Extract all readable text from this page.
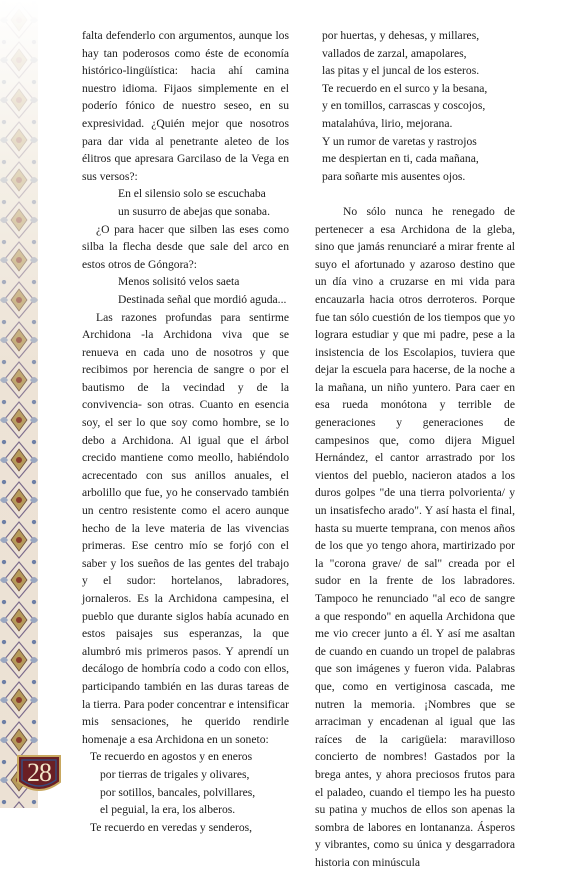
28

falta defenderlo con argumentos, aunque los hay tan poderosos como éste de economía histórico-lingüística: hacia ahí camina nuestro idioma. Fijaos simplemente en el poderío fónico de nuestro seseo, en su expresividad. ¿Quién mejor que nosotros para dar vida al penetrante aleteo de los élitros que apresara Garcilaso de la Vega en sus versos?:

En el silensio solo se escuchaba
un susurro de abejas que sonaba.

¿O para hacer que silben las eses como silba la flecha desde que sale del arco en estos otros de Góngora?:

Menos solisitó velos saeta

Destinada señal que mordió aguda...

Las razones profundas para sentirme Archidona -la Archidona viva que se renueva en cada uno de nosotros y que recibimos por herencia de sangre o por el bautismo de la vecindad y de la convivencia- son otras. Cuanto en esencia soy, el ser lo que soy como hombre, se lo debo a Archidona. Al igual que el árbol crecido mantiene como meollo, habiéndolo acrecentado con sus anillos anuales, el arbolillo que fue, yo he conservado también un centro resistente como el acero aunque hecho de la leve materia de las vivencias primeras. Ese centro mío se forjó con el saber y los sueños de las gentes del trabajo y el sudor: hortelanos, labradores, jornaleros. Es la Archidona campesina, el pueblo que durante siglos había acunado en estos paisajes sus esperanzas, la que alumbró mis primeros pasos. Y aprendí un decálogo de hombría codo a codo con ellos, participando también en las duras tareas de la tierra. Para poder concentrar e intensificar mis sensaciones, he querido rendirle homenaje a esa Archidona en un soneto:

Te recuerdo en agostos y en eneros
por tierras de trigales y olivares,
por sotillos, bancales, polvillares,
el peguial, la era, los alberos.
Te recuerdo en veredas y senderos,
por huertas, y dehesas, y millares,
vallados de zarzal, amapolares,
las pitas y el juncal de los esteros.
Te recuerdo en el surco y la besana,
y en tomillos, carrascas y coscojos,
matalahúva, lirio, mejorana.
Y un rumor de varetas y rastrojos
me despiertan en ti, cada mañana,
para soñarte mis ausentes ojos.

No sólo nunca he renegado de pertenecer a esa Archidona de la gleba, sino que jamás renunciaré a mirar frente al suyo el afortunado y azaroso destino que un día vino a cruzarse en mi vida para encauzarla hacia otros derroteros. Porque fue tan sólo cuestión de los tiempos que yo lograra estudiar y que mi padre, pese a la insistencia de los Escolapios, tuviera que dejar la escuela para hacerse, de la noche a la mañana, un niño yuntero. Para caer en esa rueda monótona y terrible de generaciones y generaciones de campesinos que, como dijera Miguel Hernández, el cantor arrastrado por los vientos del pueblo, nacieron atados a los duros golpes "de una tierra polvorienta/ y un insatisfecho arado". Y así hasta el final, hasta su muerte temprana, con menos años de los que yo tengo ahora, martirizado por la "corona grave/ de sal" creada por el sudor en la frente de los labradores. Tampoco he renunciado "al eco de sangre a que respondo" en aquella Archidona que me vio crecer junto a él. Y así me asaltan de cuando en cuando un tropel de palabras que son imágenes y fueron vida. Palabras que, como en vertiginosa cascada, me nutren la memoria. ¡Nombres que se arraciman y encadenan al igual que las raíces de la carigüela: maravilloso concierto de nombres! Gastados por la brega antes, y ahora preciosos frutos para el paladeo, cuando el tiempo les ha puesto su patina y muchos de ellos son apenas la sombra de labores en lontananza. Ásperos y vibrantes, como su única y desgarradora historia con minúscula
